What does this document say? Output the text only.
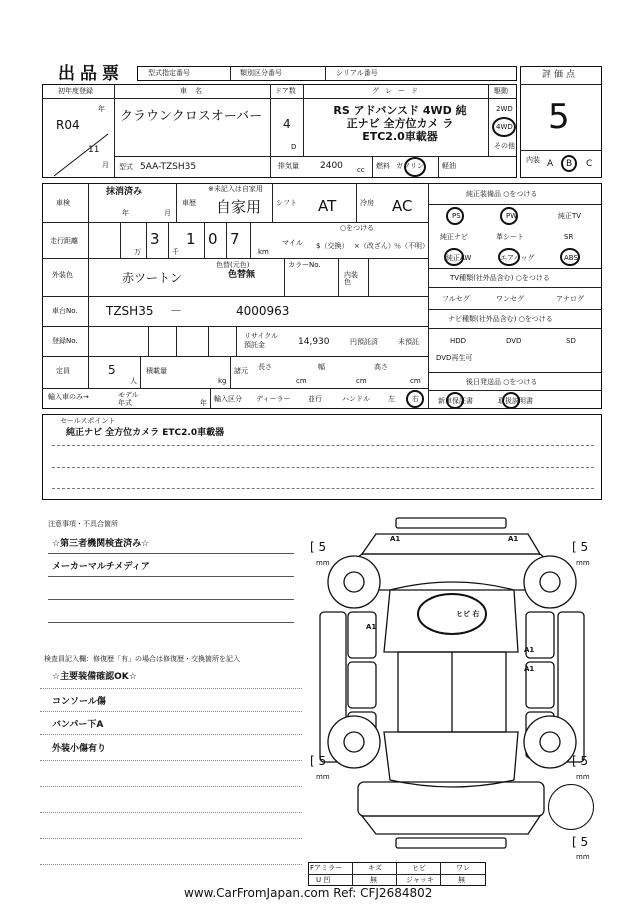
出品票	型式指定番号	類別区分番号	シリアル番号	評価点
5
内装 A B C
初年度登録
R04
年
11
月
車名
クラウンクロスオーバー
型式 5AA-TZSH35
ドア数
4
D
グレード
RS アドバンスド 4WD 純正ナビ 全方位カメ ラ ETC2.0車載器
駆動
2WD
4WD
その他
排気量 2400 cc 燃料 ガソリン	軽油
車検
抹消済み
年	月
車歴
※未記入は自家用
自家用 シフト AT	冷房 AC
走行距離
万
3
千
1 0 7
km
マイル
○をつける
$（交換） ×（改ざん） ％（不明）
外装色	赤ツートン
色替(元色)
色替無
カラーNo.
内装色
車台No. TZSH35 －	4000963
登録No.
リサイクル預託金	14,930	円預託済	未預託
定員	5
人
積載量
kg
諸元 長さ
cm
幅
cm
高さ
cm
輸入車のみ→	モデル年式	年 輸入区分 ディーラー	並行	ハンドル	左 右
純正装備品 ○をつける
PS	PW	純正TV
純正ナビ	革シート	SR
純正AW	エアバッグ	ABS
TV種類(社外品含む) ○をつける
フルセグ	ワンセグ	アナログ
ナビ種類(社外品含む) ○をつける
HDD	DVD	SD
DVD再生可
後日発送品 ○をつける
新車保証書	取扱説明書
セールスポイント
純正ナビ 全方位カメラ ETC2.0車載器
注意事項・不具合箇所
☆第三者機関検査済み☆
メーカーマルチメディア
検査員記入欄：修復歴「有」の場合は修復歴・交換箇所を記入
☆主要装備確認OK☆
コンソール傷
バンパー下A
外装小傷有り
A1	A1
A1
A1
A1
ヒビ 右
[ 5
mm
[ 5
mm
[ 5
mm
[ 5
mm
[ 5
mm
Fアミラー	キズ	ヒビ	ワレ
U 凹	無	ジャッキ	無
www.CarFromJapan.com Ref: CFJ2684802
